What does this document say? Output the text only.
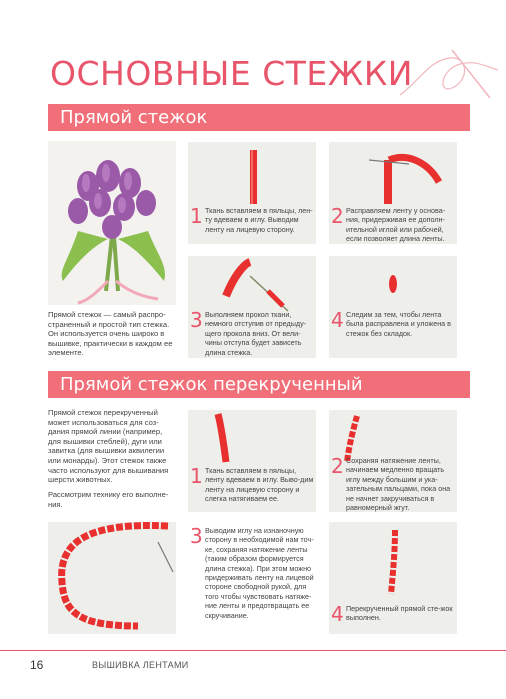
ОСНОВНЫЕ СТЕЖКИ
Прямой стежок
Прямой стежок — самый распро-страненный и простой тип стежка. Он используется очень широко в вышивке, практически в каждом ее элементе.
1 Ткань вставляем в пяльцы, лен-ту вдеваем в иглу. Выводим ленту на лицевую сторону.
2 Расправляем ленту у основа-ния, придерживая ее дополн-ительной иглой или рабочей, если позволяет длина ленты.
3 Выполняем прокол ткани, немного отступив от предыду-щего прокола вниз. От вели-чины отступа будет зависеть длина стежка.
4 Следим за тем, чтобы лента была расправлена и уложена в стежок без складок.
Прямой стежок перекрученный
Прямой стежок перекрученный может использоваться для соз-дания прямой линии (например, для вышивки стеблей), дуги или завитка (для вышивки аквилегии или монарды). Этот стежок также часто используют для вышивания шерсти животных.
Рассмотрим технику его выполне-ния.
1 Ткань вставляем в пяльцы, ленту вдеваем в иглу. Выво-дим ленту на лицевую сторону и слегка натягиваем ее.
2 Сохраняя натяжение ленты, начинаем медленно вращать иглу между большим и ука-зательным пальцами, пока она не начнет закручиваться в равномерный жгут.
3 Выводим иглу на изнаночную сторону в необходимой нам точ-ке, сохраняя натяжение ленты (таким образом формируется длина стежка). При этом можно придерживать ленту на лицевой стороне свободной рукой, для того чтобы чувствовать натяже-ние ленты и предотвращать ее скручивание.	4 Перекрученный прямой сте-жок выполнен.
16	ВЫШИВКА ЛЕНТАМИ
